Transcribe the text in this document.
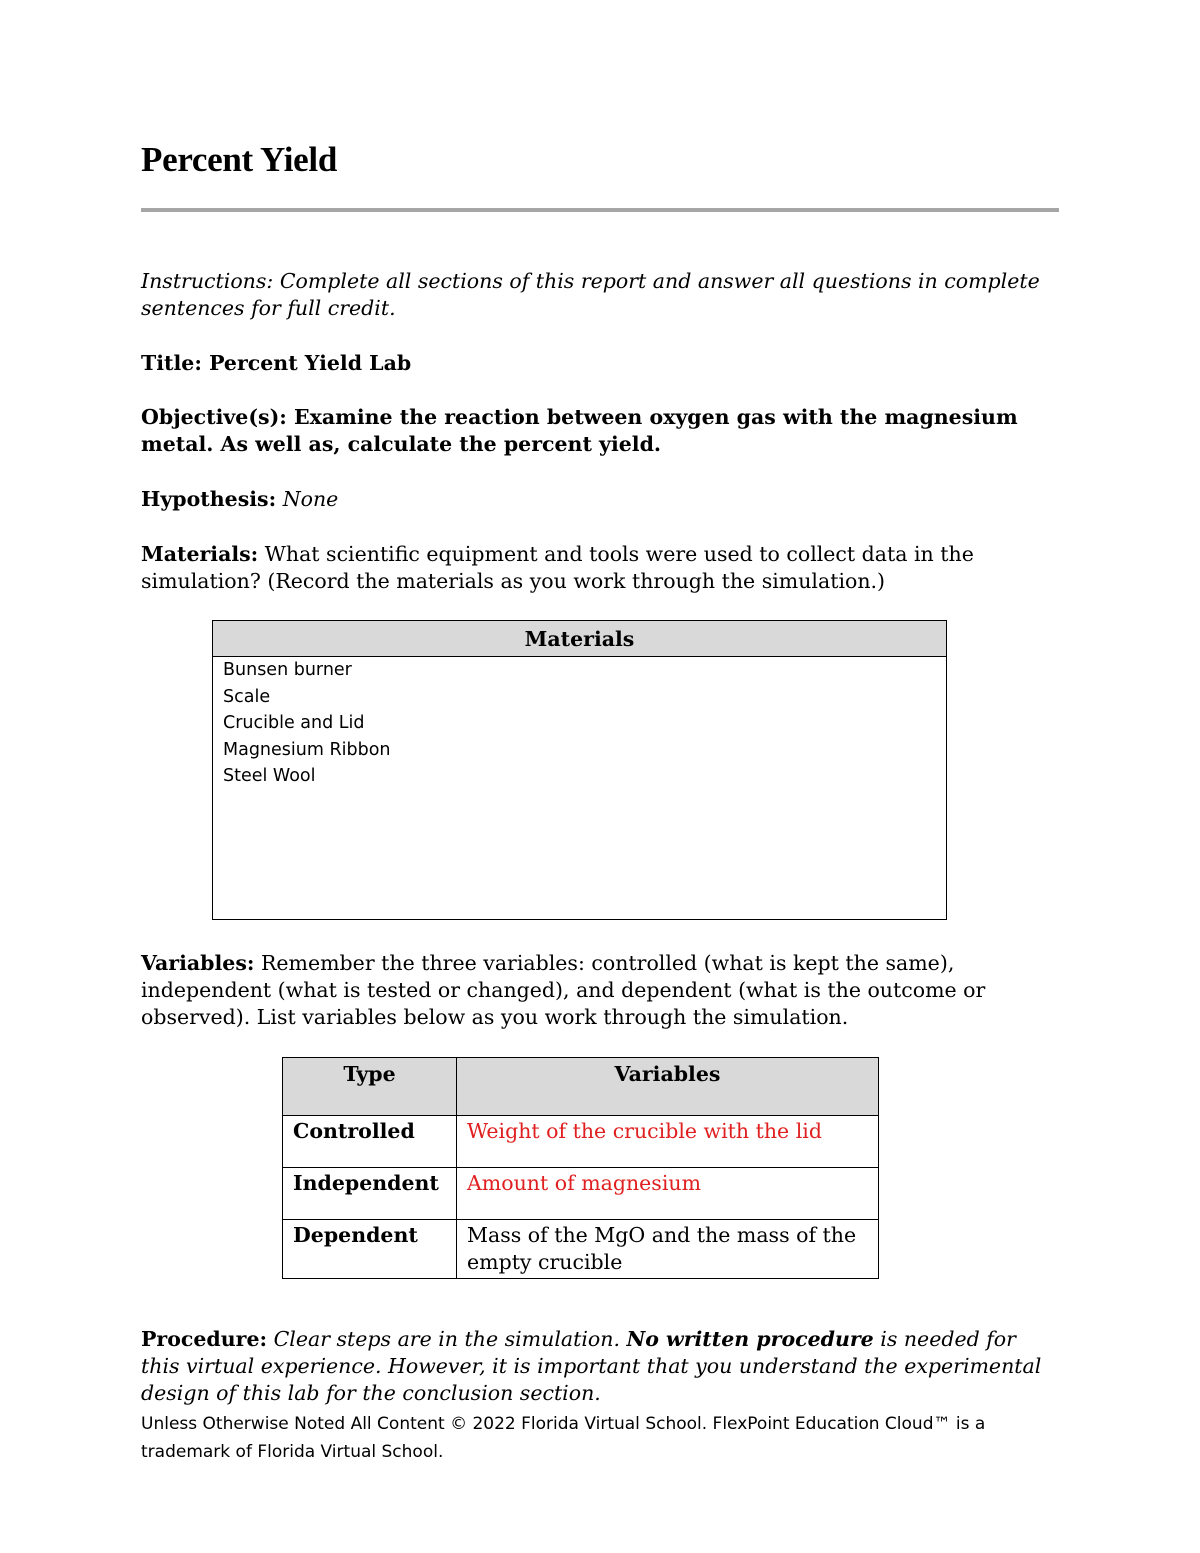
Percent Yield

Instructions: Complete all sections of this report and answer all questions in complete sentences for full credit.

Title: Percent Yield Lab

Objective(s): Examine the reaction between oxygen gas with the magnesium metal. As well as, calculate the percent yield.

Hypothesis: None

Materials: What scientific equipment and tools were used to collect data in the simulation? (Record the materials as you work through the simulation.)

Materials

Bunsen burner
Scale
Crucible and Lid
Magnesium Ribbon
Steel Wool

Variables: Remember the three variables: controlled (what is kept the same), independent (what is tested or changed), and dependent (what is the outcome or observed). List variables below as you work through the simulation.

Type	Variables
Controlled	Weight of the crucible with the lid
Independent	Amount of magnesium
Dependent	Mass of the MgO and the mass of the empty crucible

Procedure: Clear steps are in the simulation. No written procedure is needed for this virtual experience. However, it is important that you understand the experimental design of this lab for the conclusion section.

Unless Otherwise Noted All Content © 2022 Florida Virtual School. FlexPoint Education Cloud™ is a trademark of Florida Virtual School.
